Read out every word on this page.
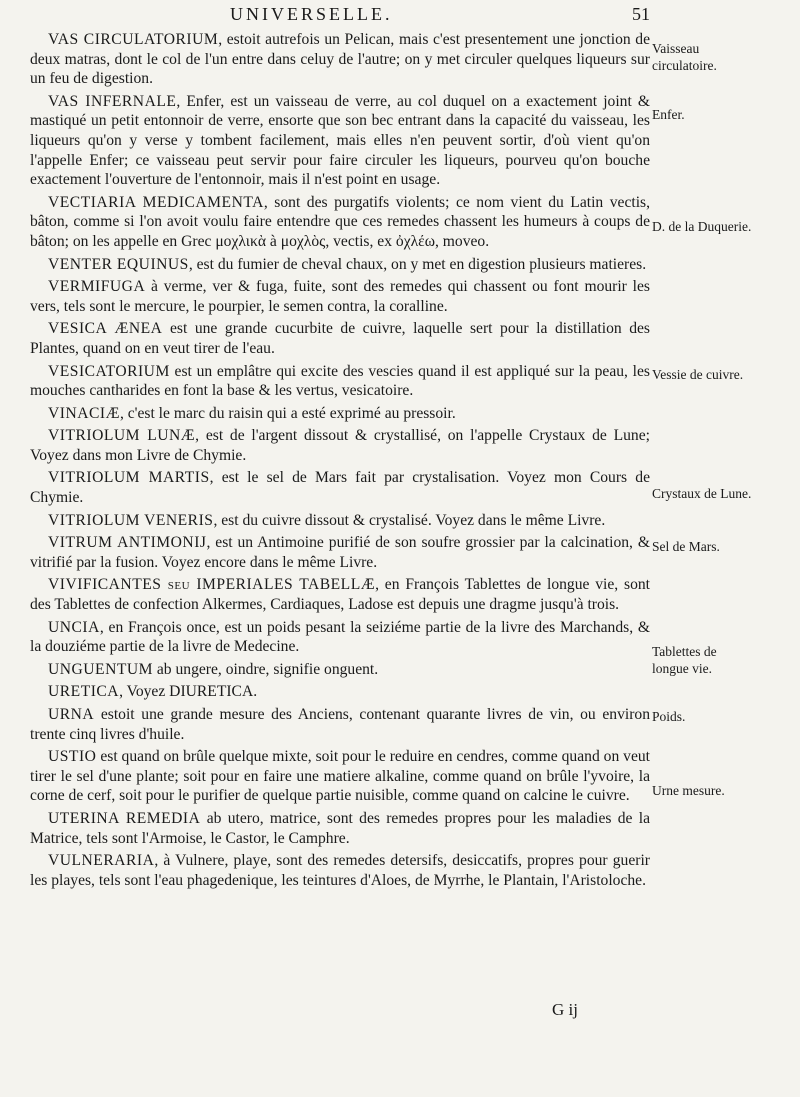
UNIVERSELLE.	51

VAS CIRCULATORIUM, estoit autrefois un Pelican, mais c'est presentement une jonction de deux matras, dont le col de l'un entre dans celuy de l'autre; on y met circuler quelques liqueurs sur un feu de digestion.

VAS INFERNALE, Enfer, est un vaisseau de verre, au col duquel on a exactement joint & mastiqué un petit entonnoir de verre, ensorte que son bec entrant dans la capacité du vaisseau, les liqueurs qu'on y verse y tombent facilement, mais elles n'en peuvent sortir, d'où vient qu'on l'appelle Enfer; ce vaisseau peut servir pour faire circuler les liqueurs, pourveu qu'on bouche exactement l'ouverture de l'entonnoir, mais il n'est point en usage.

VECTIARIA MEDICAMENTA, sont des purgatifs violents; ce nom vient du Latin vectis, bâton, comme si l'on avoit voulu faire entendre que ces remedes chassent les humeurs à coups de bâton; on les appelle en Grec μοχλικὰ à μοχλὸς, vectis, ex ὀχλέω, moveo.

VENTER EQUINUS, est du fumier de cheval chaux, on y met en digestion plusieurs matieres.

VERMIFUGA à verme, ver & fuga, fuite, sont des remedes qui chassent ou font mourir les vers, tels sont le mercure, le pourpier, le semen contra, la coralline.

VESICA ÆNEA est une grande cucurbite de cuivre, laquelle sert pour la distillation des Plantes, quand on en veut tirer de l'eau.

VESICATORIUM est un emplâtre qui excite des vescies quand il est appliqué sur la peau, les mouches cantharides en font la base & les vertus, vesicatoire.

VINACIÆ, c'est le marc du raisin qui a esté exprimé au pressoir.

VITRIOLUM LUNÆ, est de l'argent dissout & crystallisé, on l'appelle Crystaux de Lune; Voyez dans mon Livre de Chymie.

VITRIOLUM MARTIS, est le sel de Mars fait par crystalisation. Voyez mon Cours de Chymie.

VITRIOLUM VENERIS, est du cuivre dissout & crystalisé. Voyez dans le même Livre.

VITRUM ANTIMONIJ, est un Antimoine purifié de son soufre grossier par la calcination, & vitrifié par la fusion. Voyez encore dans le même Livre.

VIVIFICANTES seu IMPERIALES TABELLÆ, en François Tablettes de longue vie, sont des Tablettes de confection Alkermes, Cardiaques, Ladose est depuis une dragme jusqu'à trois.

UNCIA, en François once, est un poids pesant la seiziéme partie de la livre des Marchands, & la douziéme partie de la livre de Medecine.

UNGUENTUM ab ungere, oindre, signifie onguent.

URETICA, Voyez DIURETICA.

URNA estoit une grande mesure des Anciens, contenant quarante livres de vin, ou environ trente cinq livres d'huile.

USTIO est quand on brûle quelque mixte, soit pour le reduire en cendres, comme quand on veut tirer le sel d'une plante; soit pour en faire une matiere alkaline, comme quand on brûle l'yvoire, la corne de cerf, soit pour le purifier de quelque partie nuisible, comme quand on calcine le cuivre.

UTERINA REMEDIA ab utero, matrice, sont des remedes propres pour les maladies de la Matrice, tels sont l'Armoise, le Castor, le Camphre.

VULNERARIA, à Vulnere, playe, sont des remedes detersifs, desiccatifs, propres pour guerir les playes, tels sont l'eau phagedenique, les teintures d'Aloes, de Myrrhe, le Plantain, l'Aristoloche.

Vaisseau circulatoire.
Enfer.
D. de la Duquerie.
Vessie de cuivre.
Crystaux de Lune.
Sel de Mars.
Tablettes de longue vie.
Poids.
Urne mesure.
G ij
